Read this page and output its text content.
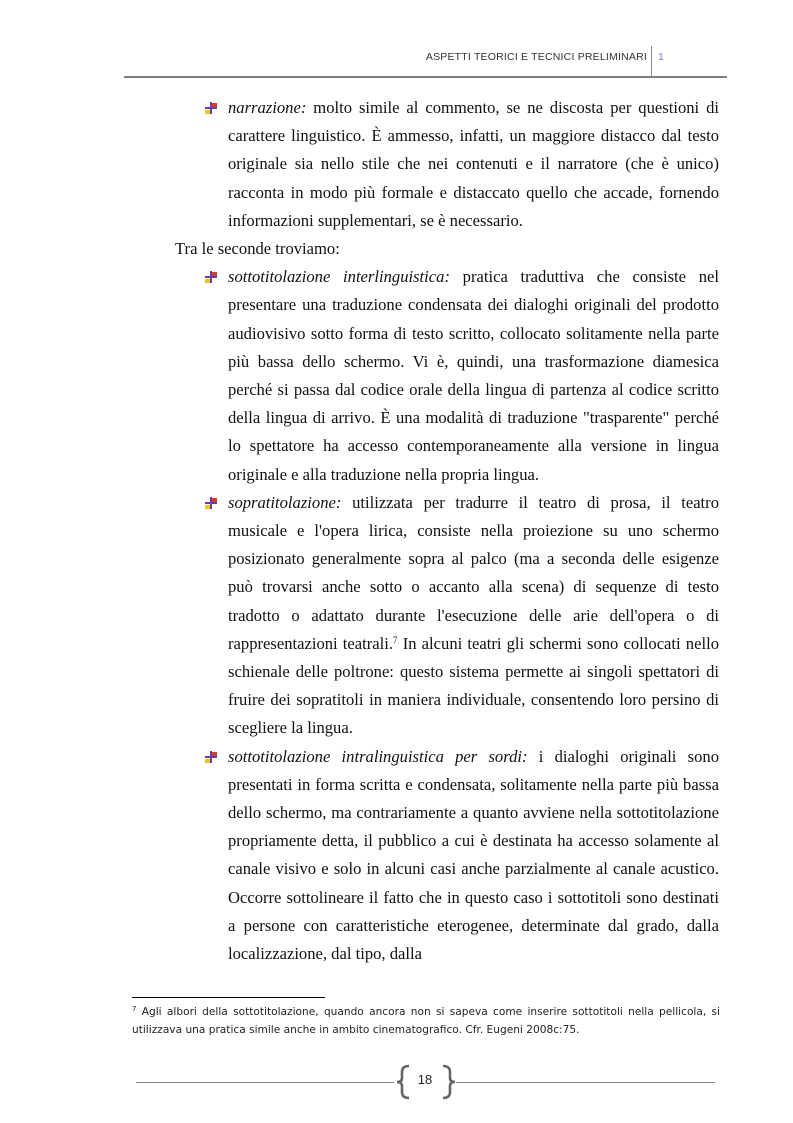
ASPETTI TEORICI E TECNICI PRELIMINARI 1
narrazione: molto simile al commento, se ne discosta per questioni di carattere linguistico. È ammesso, infatti, un maggiore distacco dal testo originale sia nello stile che nei contenuti e il narratore (che è unico) racconta in modo più formale e distaccato quello che accade, fornendo informazioni supplementari, se è necessario.
Tra le seconde troviamo:
sottotitolazione interlinguistica: pratica traduttiva che consiste nel presentare una traduzione condensata dei dialoghi originali del prodotto audiovisivo sotto forma di testo scritto, collocato solitamente nella parte più bassa dello schermo. Vi è, quindi, una trasformazione diamesica perché si passa dal codice orale della lingua di partenza al codice scritto della lingua di arrivo. È una modalità di traduzione "trasparente" perché lo spettatore ha accesso contemporaneamente alla versione in lingua originale e alla traduzione nella propria lingua.
sopratitolazione: utilizzata per tradurre il teatro di prosa, il teatro musicale e l'opera lirica, consiste nella proiezione su uno schermo posizionato generalmente sopra al palco (ma a seconda delle esigenze può trovarsi anche sotto o accanto alla scena) di sequenze di testo tradotto o adattato durante l'esecuzione delle arie dell'opera o di rappresentazioni teatrali.$^7$ In alcuni teatri gli schermi sono collocati nello schienale delle poltrone: questo sistema permette ai singoli spettatori di fruire dei sopratitoli in maniera individuale, consentendo loro persino di scegliere la lingua.
sottotitolazione intralinguistica per sordi: i dialoghi originali sono presentati in forma scritta e condensata, solitamente nella parte più bassa dello schermo, ma contrariamente a quanto avviene nella sottotitolazione propriamente detta, il pubblico a cui è destinata ha accesso solamente al canale visivo e solo in alcuni casi anche parzialmente al canale acustico. Occorre sottolineare il fatto che in questo caso i sottotitoli sono destinati a persone con caratteristiche eterogenee, determinate dal grado, dalla localizzazione, dal tipo, dalla
$^7$ Agli albori della sottotitolazione, quando ancora non si sapeva come inserire sottotitoli nella pellicola, si utilizzava una pratica simile anche in ambito cinematografico. Cfr. Eugeni 2008c:75.
18
